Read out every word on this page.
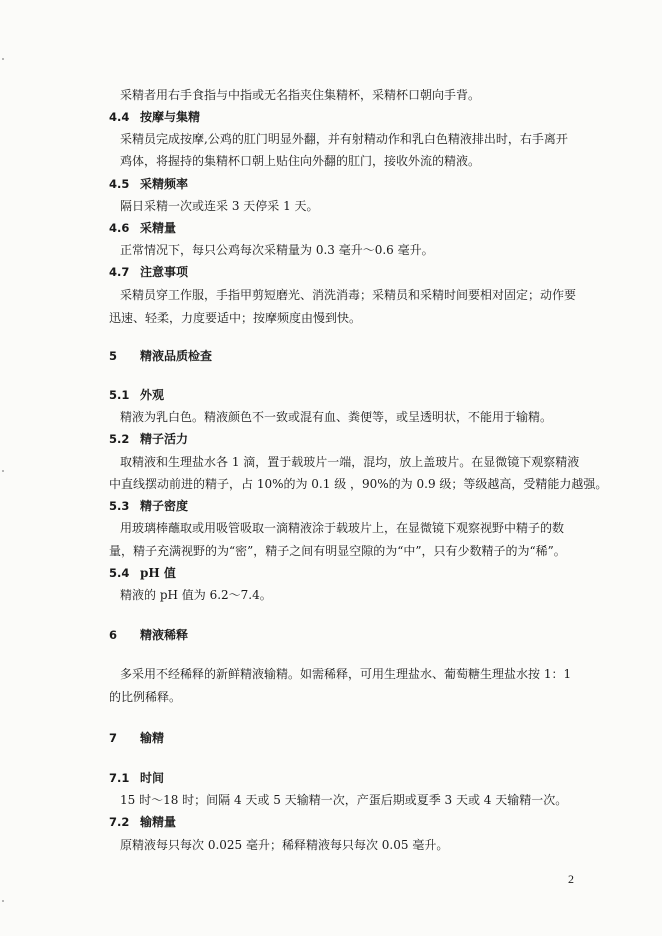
采精者用右手食指与中指或无名指夹住集精杯，采精杯口朝向手背。
4.4 按摩与集精
采精员完成按摩,公鸡的肛门明显外翻，并有射精动作和乳白色精液排出时，右手离开
鸡体，将握持的集精杯口朝上贴住向外翻的肛门，接收外流的精液。
4.5 采精频率
隔日采精一次或连采 3 天停采 1 天。
4.6 采精量
正常情况下，每只公鸡每次采精量为 0.3 毫升～0.6 毫升。
4.7 注意事项
采精员穿工作服，手指甲剪短磨光、消洗消毒；采精员和采精时间要相对固定；动作要
迅速、轻柔，力度要适中；按摩频度由慢到快。
5 精液品质检查
5.1 外观
精液为乳白色。精液颜色不一致或混有血、粪便等，或呈透明状，不能用于输精。
5.2 精子活力
取精液和生理盐水各 1 滴，置于载玻片一端，混均，放上盖玻片。在显微镜下观察精液
中直线摆动前进的精子，占 10%的为 0.1 级 ，90%的为 0.9 级；等级越高，受精能力越强。
5.3 精子密度
用玻璃棒蘸取或用吸管吸取一滴精液涂于载玻片上，在显微镜下观察视野中精子的数
量，精子充满视野的为“密”，精子之间有明显空隙的为“中”，只有少数精子的为“稀”。
5.4 pH 值
精液的 pH 值为 6.2～7.4。
6 精液稀释
多采用不经稀释的新鲜精液输精。如需稀释，可用生理盐水、葡萄糖生理盐水按 1：1
的比例稀释。
7 输精
7.1 时间
15 时～18 时；间隔 4 天或 5 天输精一次，产蛋后期或夏季 3 天或 4 天输精一次。
7.2 输精量
原精液每只每次 0.025 毫升；稀释精液每只每次 0.05 毫升。
2
